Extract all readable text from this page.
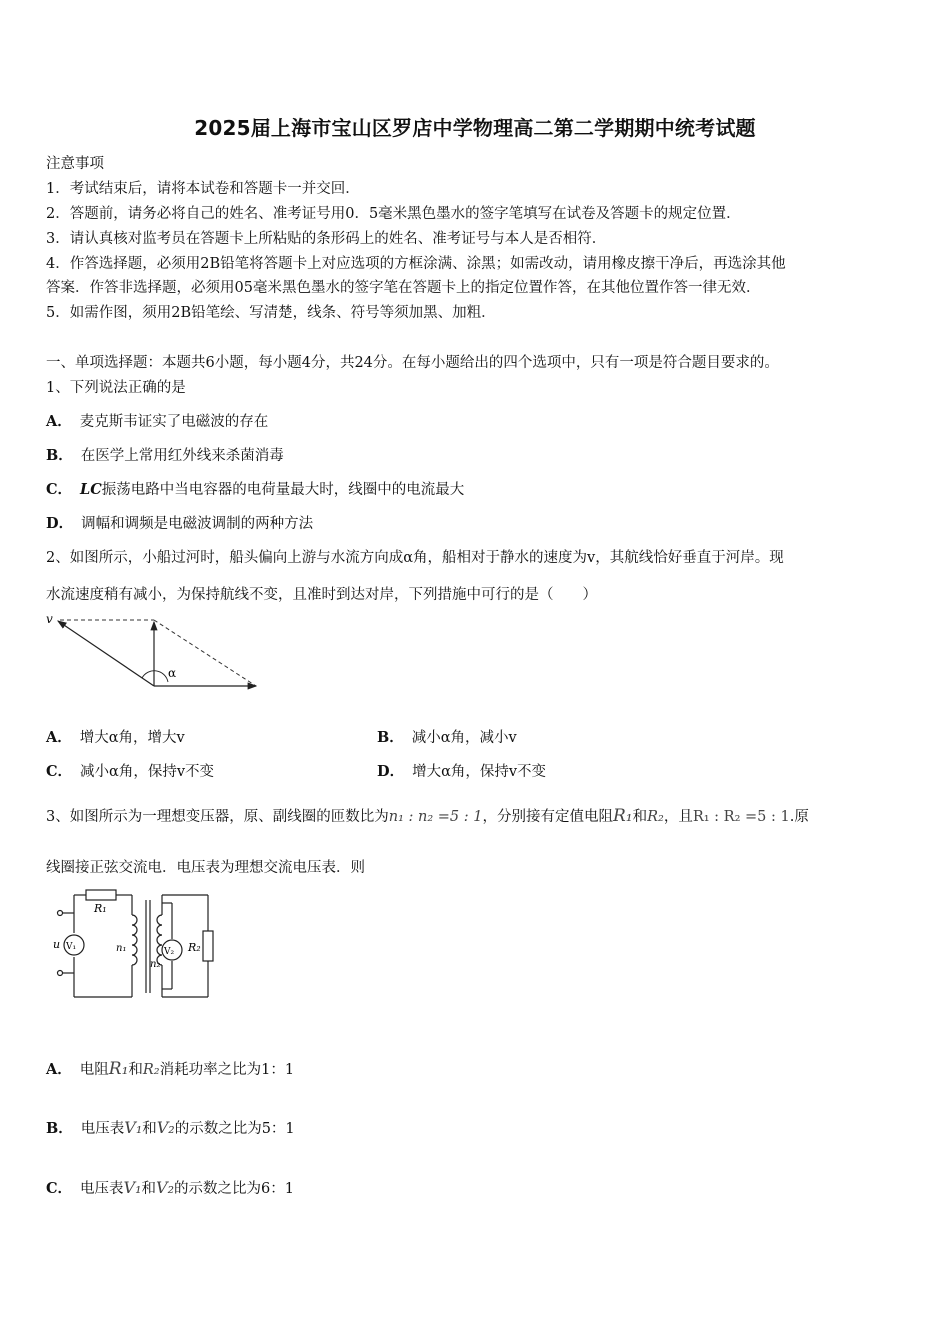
2025届上海市宝山区罗店中学物理高二第二学期期中统考试题
注意事项
1．考试结束后，请将本试卷和答题卡一并交回．
2．答题前，请务必将自己的姓名、准考证号用0．5毫米黑色墨水的签字笔填写在试卷及答题卡的规定位置．
3．请认真核对监考员在答题卡上所粘贴的条形码上的姓名、准考证号与本人是否相符．
4．作答选择题，必须用2B铅笔将答题卡上对应选项的方框涂满、涂黑；如需改动，请用橡皮擦干净后，再选涂其他
答案．作答非选择题，必须用05毫米黑色墨水的签字笔在答题卡上的指定位置作答，在其他位置作答一律无效．
5．如需作图，须用2B铅笔绘、写清楚，线条、符号等须加黑、加粗．
一、单项选择题：本题共6小题，每小题4分，共24分。在每小题给出的四个选项中，只有一项是符合题目要求的。
1、下列说法正确的是
A． 麦克斯韦证实了电磁波的存在
B． 在医学上常用红外线来杀菌消毒
C． LC振荡电路中当电容器的电荷量最大时，线圈中的电流最大
D． 调幅和调频是电磁波调制的两种方法
2、如图所示，小船过河时，船头偏向上游与水流方向成α角，船相对于静水的速度为v，其航线恰好垂直于河岸。现
水流速度稍有减小，为保持航线不变，且准时到达对岸，下列措施中可行的是（　　）
v
α
A． 增大α角，增大v	B． 减小α角，减小v
C． 减小α角，保持v不变	D． 增大α角，保持v不变
3、如图所示为一理想变压器，原、副线圈的匝数比为n₁ : n₂ =5 : 1，分别接有定值电阻R₁和R₂，且R₁ : R₂ =5 : 1.原
线圈接正弦交流电．电压表为理想交流电压表．则
R₁
u V₁	n₁
n₂
V₂ R₂
A． 电阻R₁和R₂消耗功率之比为1：1
B． 电压表V₁和V₂的示数之比为5：1
C． 电压表V₁和V₂的示数之比为6：1
